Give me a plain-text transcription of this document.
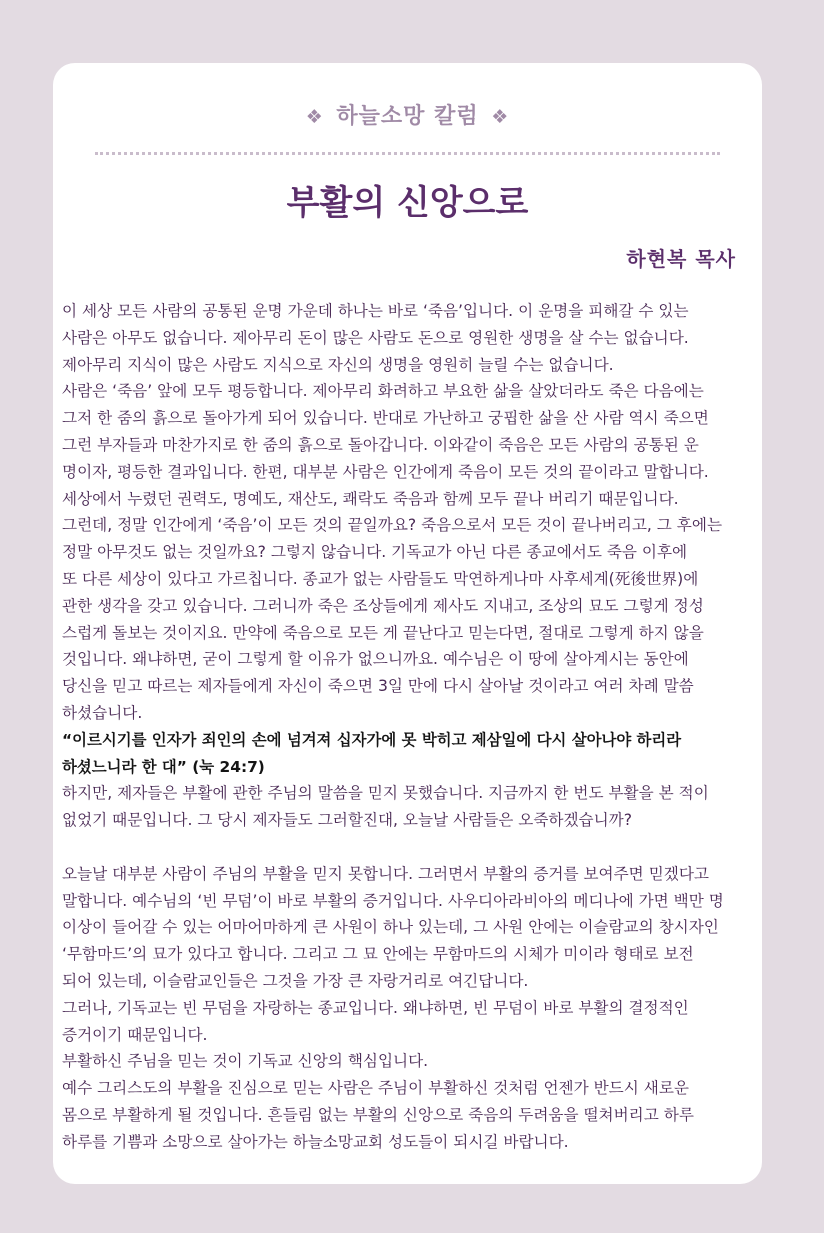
❖ 하늘소망 칼럼 ❖
부활의 신앙으로
하현복 목사
이 세상 모든 사람의 공통된 운명 가운데 하나는 바로 ‘죽음’입니다. 이 운명을 피해갈 수 있는
사람은 아무도 없습니다. 제아무리 돈이 많은 사람도 돈으로 영원한 생명을 살 수는 없습니다.
제아무리 지식이 많은 사람도 지식으로 자신의 생명을 영원히 늘릴 수는 없습니다.
사람은 ‘죽음’ 앞에 모두 평등합니다. 제아무리 화려하고 부요한 삶을 살았더라도 죽은 다음에는
그저 한 줌의 흙으로 돌아가게 되어 있습니다. 반대로 가난하고 궁핍한 삶을 산 사람 역시 죽으면
그런 부자들과 마찬가지로 한 줌의 흙으로 돌아갑니다. 이와같이 죽음은 모든 사람의 공통된 운
명이자, 평등한 결과입니다. 한편, 대부분 사람은 인간에게 죽음이 모든 것의 끝이라고 말합니다.
세상에서 누렸던 권력도, 명예도, 재산도, 쾌락도 죽음과 함께 모두 끝나 버리기 때문입니다.
그런데, 정말 인간에게 ‘죽음’이 모든 것의 끝일까요? 죽음으로서 모든 것이 끝나버리고, 그 후에는
정말 아무것도 없는 것일까요? 그렇지 않습니다. 기독교가 아닌 다른 종교에서도 죽음 이후에
또 다른 세상이 있다고 가르칩니다. 종교가 없는 사람들도 막연하게나마 사후세계(死後世界)에
관한 생각을 갖고 있습니다. 그러니까 죽은 조상들에게 제사도 지내고, 조상의 묘도 그렇게 정성
스럽게 돌보는 것이지요. 만약에 죽음으로 모든 게 끝난다고 믿는다면, 절대로 그렇게 하지 않을
것입니다. 왜냐하면, 굳이 그렇게 할 이유가 없으니까요. 예수님은 이 땅에 살아계시는 동안에
당신을 믿고 따르는 제자들에게 자신이 죽으면 3일 만에 다시 살아날 것이라고 여러 차례 말씀
하셨습니다.
“이르시기를 인자가 죄인의 손에 넘겨져 십자가에 못 박히고 제삼일에 다시 살아나야 하리라
하셨느니라 한 대” (눅 24:7)
하지만, 제자들은 부활에 관한 주님의 말씀을 믿지 못했습니다. 지금까지 한 번도 부활을 본 적이
없었기 때문입니다. 그 당시 제자들도 그러할진대, 오늘날 사람들은 오죽하겠습니까?
오늘날 대부분 사람이 주님의 부활을 믿지 못합니다. 그러면서 부활의 증거를 보여주면 믿겠다고
말합니다. 예수님의 ‘빈 무덤’이 바로 부활의 증거입니다. 사우디아라비아의 메디나에 가면 백만 명
이상이 들어갈 수 있는 어마어마하게 큰 사원이 하나 있는데, 그 사원 안에는 이슬람교의 창시자인
‘무함마드’의 묘가 있다고 합니다. 그리고 그 묘 안에는 무함마드의 시체가 미이라 형태로 보전
되어 있는데, 이슬람교인들은 그것을 가장 큰 자랑거리로 여긴답니다.
그러나, 기독교는 빈 무덤을 자랑하는 종교입니다. 왜냐하면, 빈 무덤이 바로 부활의 결정적인
증거이기 때문입니다.
부활하신 주님을 믿는 것이 기독교 신앙의 핵심입니다.
예수 그리스도의 부활을 진심으로 믿는 사람은 주님이 부활하신 것처럼 언젠가 반드시 새로운
몸으로 부활하게 될 것입니다. 흔들림 없는 부활의 신앙으로 죽음의 두려움을 떨쳐버리고 하루
하루를 기쁨과 소망으로 살아가는 하늘소망교회 성도들이 되시길 바랍니다.
